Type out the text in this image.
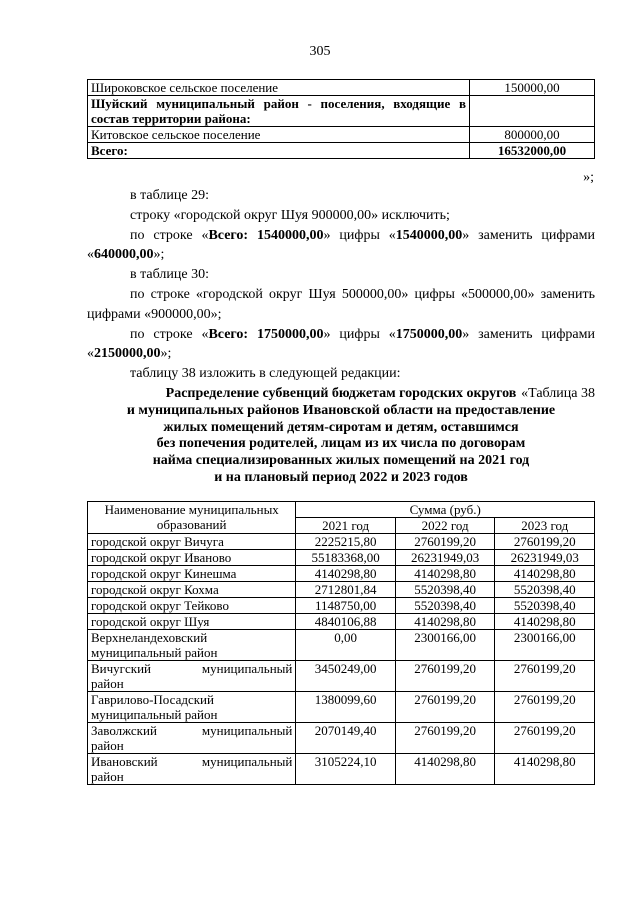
305
Широковское сельское поселение	150000,00
Шуйский муниципальный район - поселения, входящие в состав территории района:	
Китовское сельское поселение	800000,00
Всего:	16532000,00
»;

в таблице 29:

строку «городской округ Шуя 900000,00» исключить;

по строке «Всего: 1540000,00» цифры «1540000,00» заменить цифрами «640000,00»;

в таблице 30:

по строке «городской округ Шуя 500000,00» цифры «500000,00» заменить цифрами «900000,00»;

по строке «Всего: 1750000,00» цифры «1750000,00» заменить цифрами «2150000,00»;

таблицу 38 изложить в следующей редакции:

«Таблица 38

Распределение субвенций бюджетам городских округов
и муниципальных районов Ивановской области на предоставление
жилых помещений детям-сиротам и детям, оставшимся
без попечения родителей, лицам из их числа по договорам
найма специализированных жилых помещений на 2021 год
и на плановый период 2022 и 2023 годов
Наименование муниципальных образований	Сумма (руб.)		
	2021 год	2022 год	2023 год
городской округ Вичуга	2225215,80	2760199,20	2760199,20
городской округ Иваново	55183368,00	26231949,03	26231949,03
городской округ Кинешма	4140298,80	4140298,80	4140298,80
городской округ Кохма	2712801,84	5520398,40	5520398,40
городской округ Тейково	1148750,00	5520398,40	5520398,40
городской округ Шуя	4840106,88	4140298,80	4140298,80

Верхнеландеховский
муниципальный район	0,00	2300166,00	2300166,00

Вичугский муниципальный
район	3450249,00	2760199,20	2760199,20

Гаврилово-Посадский
муниципальный район	1380099,60	2760199,20	2760199,20

Заволжский муниципальный
район	2070149,40	2760199,20	2760199,20

Ивановский муниципальный
район	3105224,10	4140298,80	4140298,80
